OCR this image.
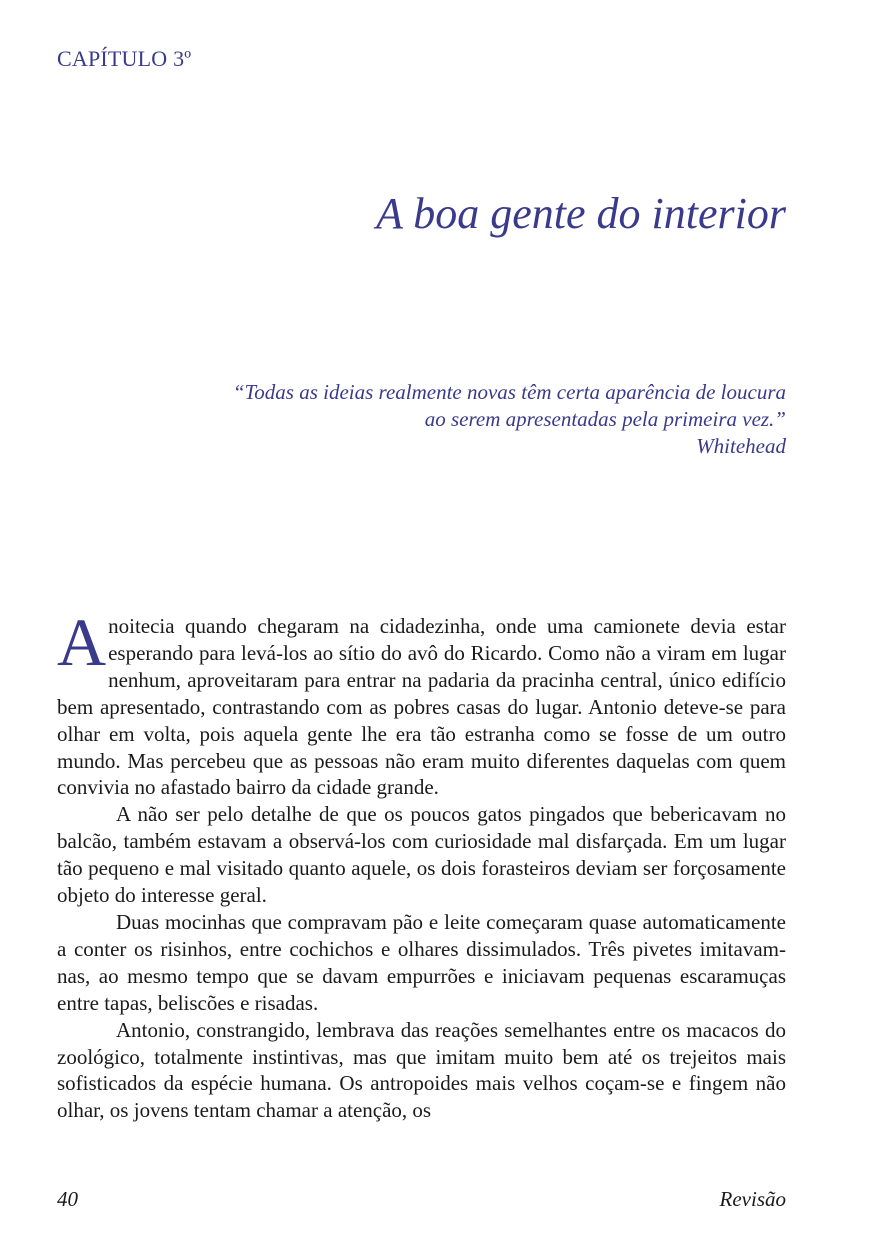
CAPÍTULO 3º
A boa gente do interior
“Todas as ideias realmente novas têm certa aparência de loucura
ao serem apresentadas pela primeira vez.”
Whitehead

Anoitecia quando chegaram na cidadezinha, onde uma camionete devia estar esperando para levá-los ao sítio do avô do Ricardo. Como não a viram em lugar nenhum, aproveitaram para entrar na padaria da pracinha central, único edifício bem apresentado, contrastando com as pobres casas do lugar. Antonio deteve-se para olhar em volta, pois aquela gente lhe era tão estranha como se fosse de um outro mundo. Mas percebeu que as pessoas não eram muito diferentes daquelas com quem convivia no afastado bairro da cidade grande.

A não ser pelo detalhe de que os poucos gatos pingados que bebericavam no balcão, também estavam a observá-los com curiosidade mal disfarçada. Em um lugar tão pequeno e mal visitado quanto aquele, os dois forasteiros deviam ser forçosamente objeto do interesse geral.

Duas mocinhas que compravam pão e leite começaram quase automaticamente a conter os risinhos, entre cochichos e olhares dissimulados. Três pivetes imitavam-nas, ao mesmo tempo que se davam empurrões e iniciavam pequenas escaramuças entre tapas, beliscões e risadas.

Antonio, constrangido, lembrava das reações semelhantes entre os macacos do zoológico, totalmente instintivas, mas que imitam muito bem até os trejeitos mais sofisticados da espécie humana. Os antropoides mais velhos coçam-se e fingem não olhar, os jovens tentam chamar a atenção, os

40	Revisão
